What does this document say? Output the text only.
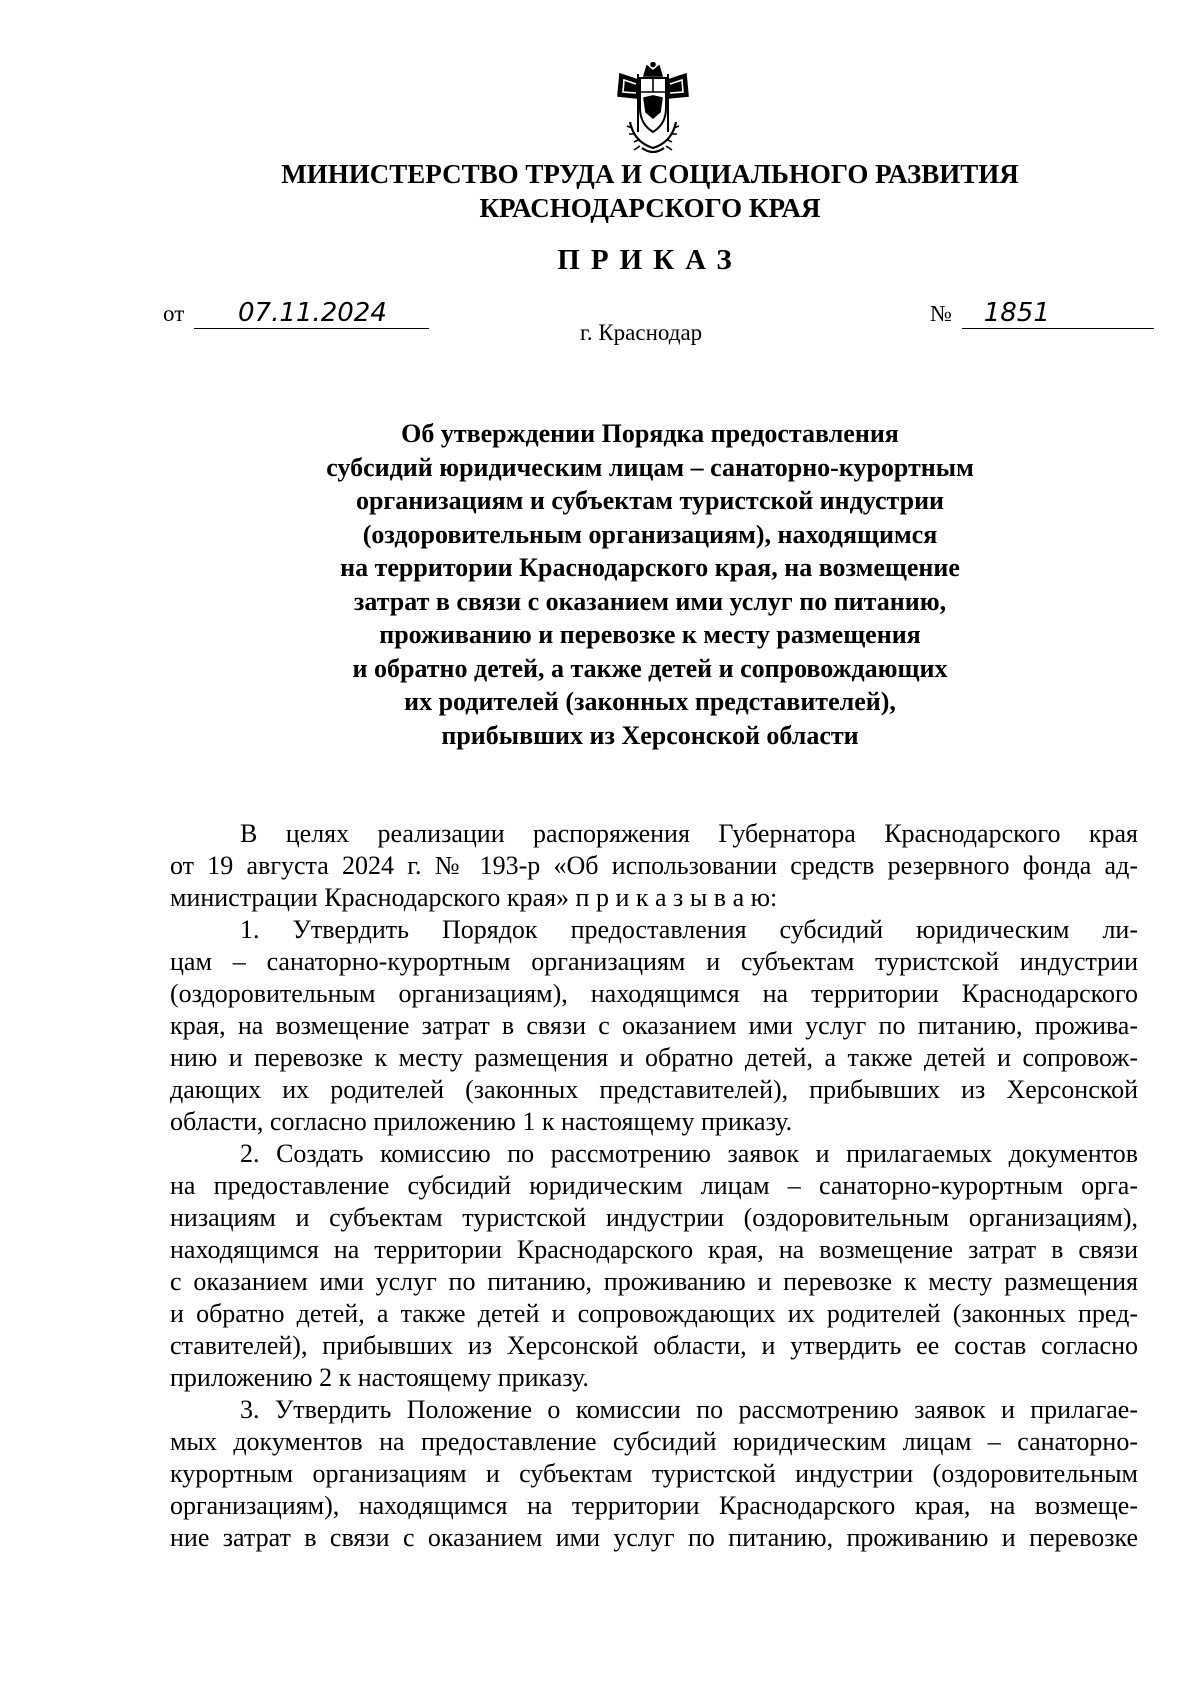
МИНИСТЕРСТВО ТРУДА И СОЦИАЛЬНОГО РАЗВИТИЯ
КРАСНОДАРСКОГО КРАЯ
ПРИКАЗ
от 07.11.2024	№ 1851
г. Краснодар
Об утверждении Порядка предоставления
субсидий юридическим лицам – санаторно-курортным
организациям и субъектам туристской индустрии
(оздоровительным организациям), находящимся
на территории Краснодарского края, на возмещение
затрат в связи с оказанием ими услуг по питанию,
проживанию и перевозке к месту размещения
и обратно детей, а также детей и сопровождающих
их родителей (законных представителей),
прибывших из Херсонской области
В целях реализации распоряжения Губернатора Краснодарского края
от 19 августа 2024 г. № 193-р «Об использовании средств резервного фонда ад-
министрации Краснодарского края» п р и к а з ы в а ю:
1. Утвердить Порядок предоставления субсидий юридическим ли-
цам – санаторно-курортным организациям и субъектам туристской индустрии
(оздоровительным организациям), находящимся на территории Краснодарского
края, на возмещение затрат в связи с оказанием ими услуг по питанию, прожива-
нию и перевозке к месту размещения и обратно детей, а также детей и сопровож-
дающих их родителей (законных представителей), прибывших из Херсонской
области, согласно приложению 1 к настоящему приказу.
2. Создать комиссию по рассмотрению заявок и прилагаемых документов
на предоставление субсидий юридическим лицам – санаторно-курортным орга-
низациям и субъектам туристской индустрии (оздоровительным организациям),
находящимся на территории Краснодарского края, на возмещение затрат в связи
с оказанием ими услуг по питанию, проживанию и перевозке к месту размещения
и обратно детей, а также детей и сопровождающих их родителей (законных пред-
ставителей), прибывших из Херсонской области, и утвердить ее состав согласно
приложению 2 к настоящему приказу.
3. Утвердить Положение о комиссии по рассмотрению заявок и прилагае-
мых документов на предоставление субсидий юридическим лицам – санаторно-
курортным организациям и субъектам туристской индустрии (оздоровительным
организациям), находящимся на территории Краснодарского края, на возмеще-
ние затрат в связи с оказанием ими услуг по питанию, проживанию и перевозке
